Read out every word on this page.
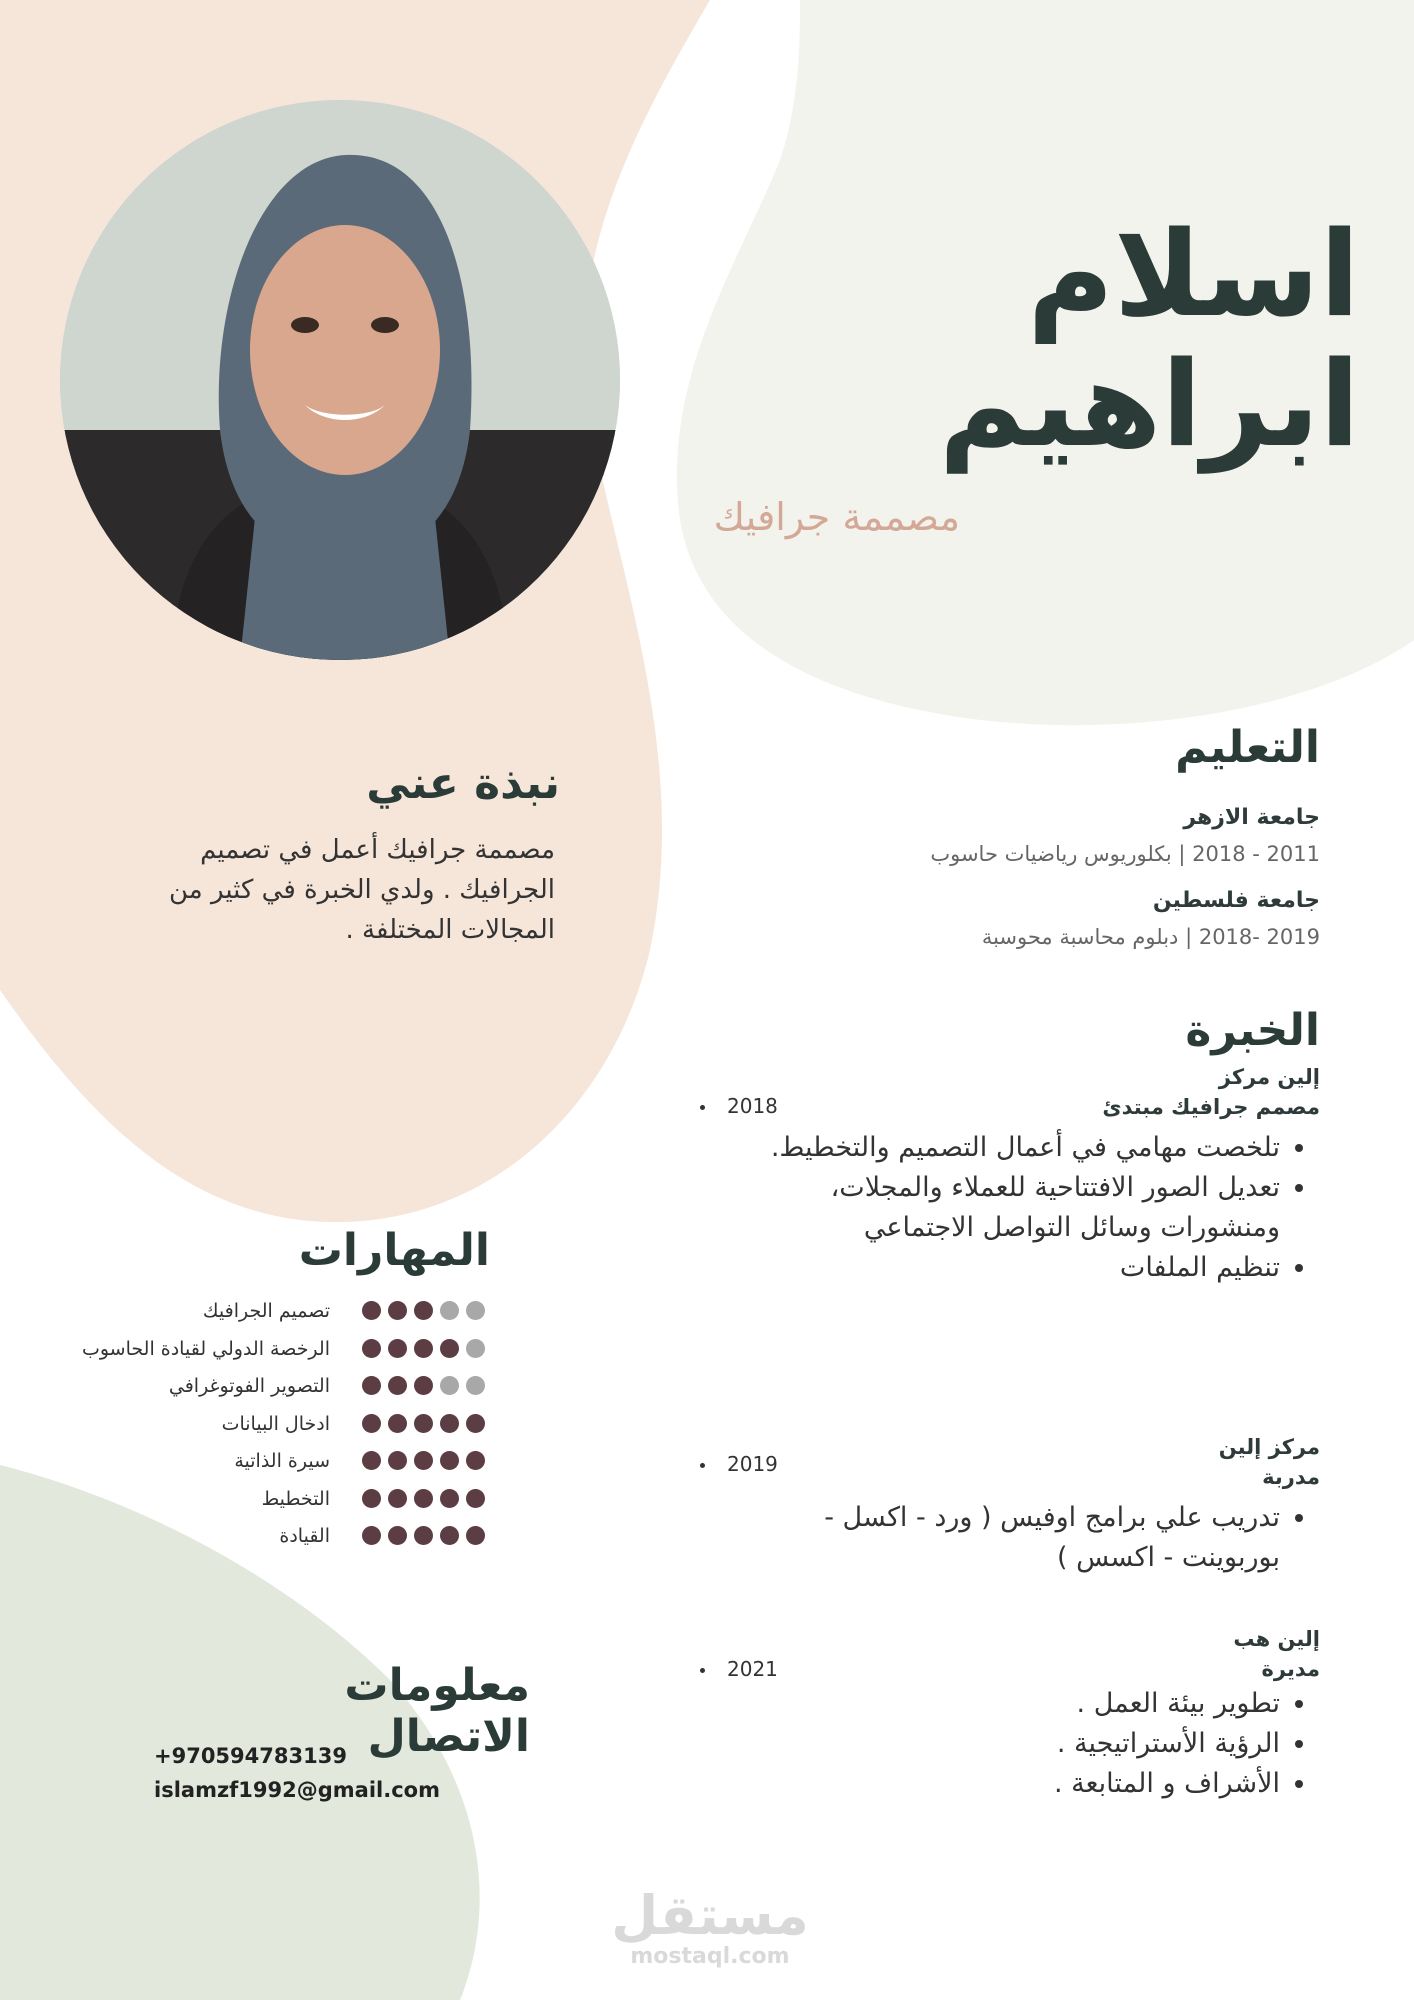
اسلام ابراهيم
مصممة جرافيك
التعليم
جامعة الازهر
2011 - 2018 | بكلوريوس رياضيات حاسوب
جامعة فلسطين
2019 -2018 | دبلوم محاسبة محوسبة
نبذة عني
مصممة جرافيك أعمل في تصميم الجرافيك . ولدي الخبرة في كثير من المجالات المختلفة .
الخبرة
2018
إلين مركز
مصمم جرافيك مبتدئ
• تلخصت مهامي في أعمال التصميم والتخطيط.
• تعديل الصور الافتتاحية للعملاء والمجلات، ومنشورات وسائل التواصل الاجتماعي
• تنظيم الملفات
2019
مركز إلين
مدربة
• تدريب علي برامج اوفيس ( ورد - اكسل - بوربوينت - اكسس )
2021
إلين هب
مديرة
• تطوير بيئة العمل .
• الرؤية الأستراتيجية .
• الأشراف و المتابعة .
المهارات
تصميم الجرافيك
الرخصة الدولي لقيادة الحاسوب
التصوير الفوتوغرافي
ادخال البيانات
سيرة الذاتية
التخطيط
القيادة
معلومات الاتصال
+970594783139
islamzf1992@gmail.com
مستقل
mostaql.com
